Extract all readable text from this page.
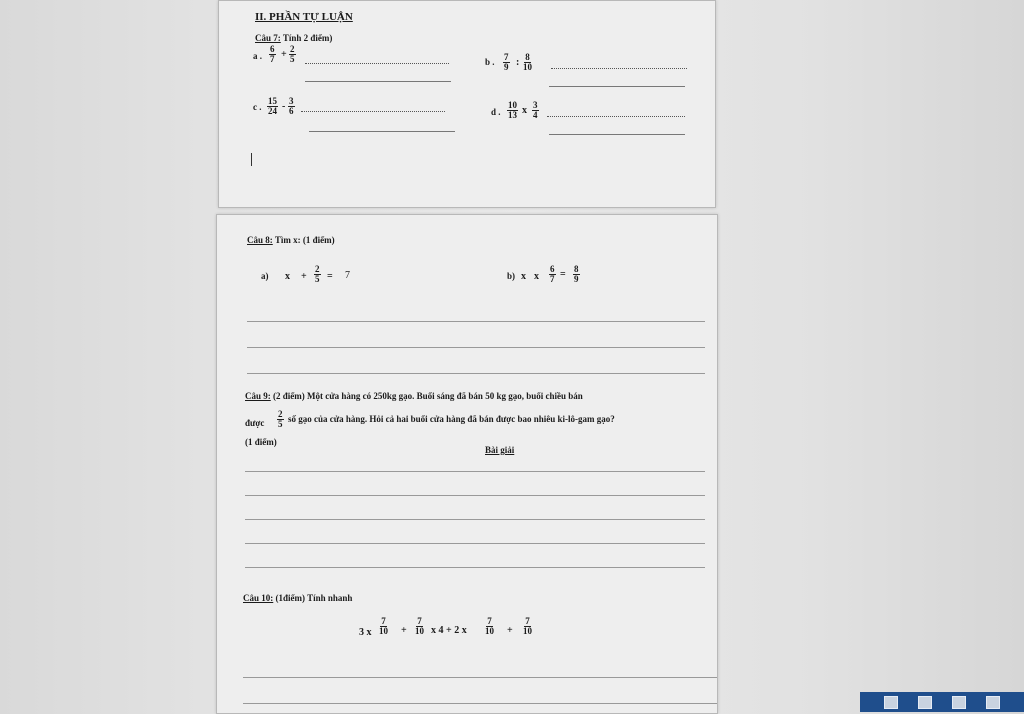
II. PHẦN TỰ LUẬN
Câu 7: Tính 2 điểm)
a . $\frac{6}{7} + \frac{2}{5}$	b . $\frac{7}{9}$ : $\frac{8}{10}$
c . $\frac{15}{24} - \frac{3}{6}$	d . $\frac{10}{13}$ x $\frac{3}{4}$
Câu 8: Tìm x: (1 điểm)
a) $x + \frac{2}{5} = 7$	b) x x $\frac{6}{7} = \frac{8}{9}$
Câu 9: (2 điểm) Một cửa hàng có 250kg gạo. Buổi sáng đã bán 50 kg gạo, buổi chiều bán
được $\frac{2}{5}$ số gạo của cửa hàng. Hỏi cả hai buổi cửa hàng đã bán được bao nhiêu ki-lô-gam gạo?
(1 điểm)
Bài giải
Câu 10: (1điểm) Tính nhanh
3 x $\frac{7}{10} + \frac{7}{10}$ x 4 + 2 x $\frac{7}{10} + \frac{7}{10}$
